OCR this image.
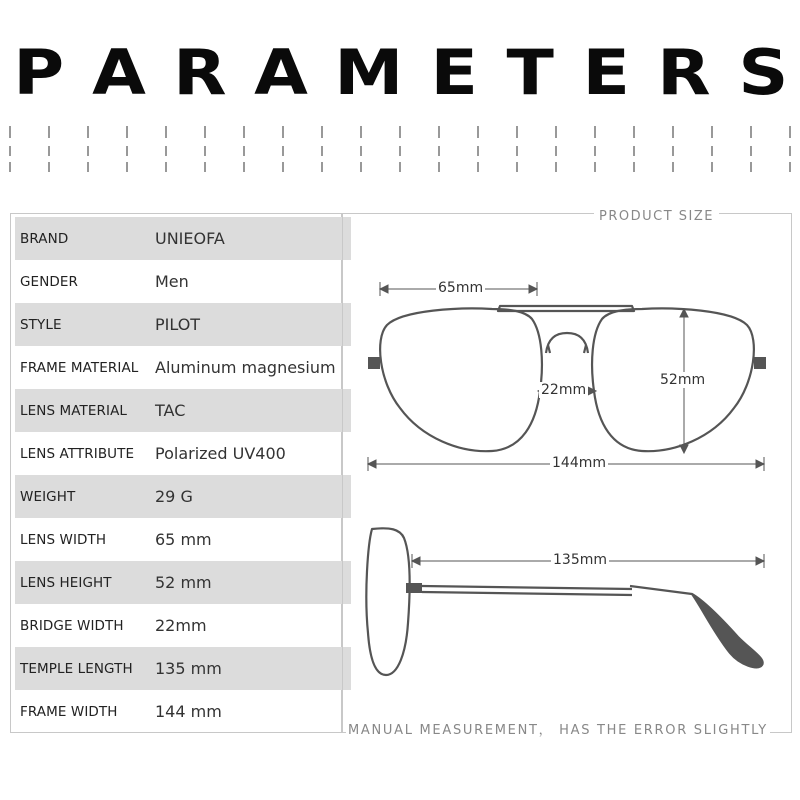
P A R A M E T E R S
BRAND	UNIEOFA
GENDER	Men
STYLE	PILOT
FRAME MATERIAL	Aluminum magnesium
LENS MATERIAL	TAC
LENS ATTRIBUTE	Polarized UV400
WEIGHT	29 G
LENS WIDTH	65 mm
LENS HEIGHT	52 mm
BRIDGE WIDTH	22mm
TEMPLE LENGTH	135 mm
FRAME WIDTH	144 mm
PRODUCT SIZE
MANUAL MEASUREMENT， HAS THE ERROR SLIGHTLY
65mm
52mm
22mm
144mm
135mm
